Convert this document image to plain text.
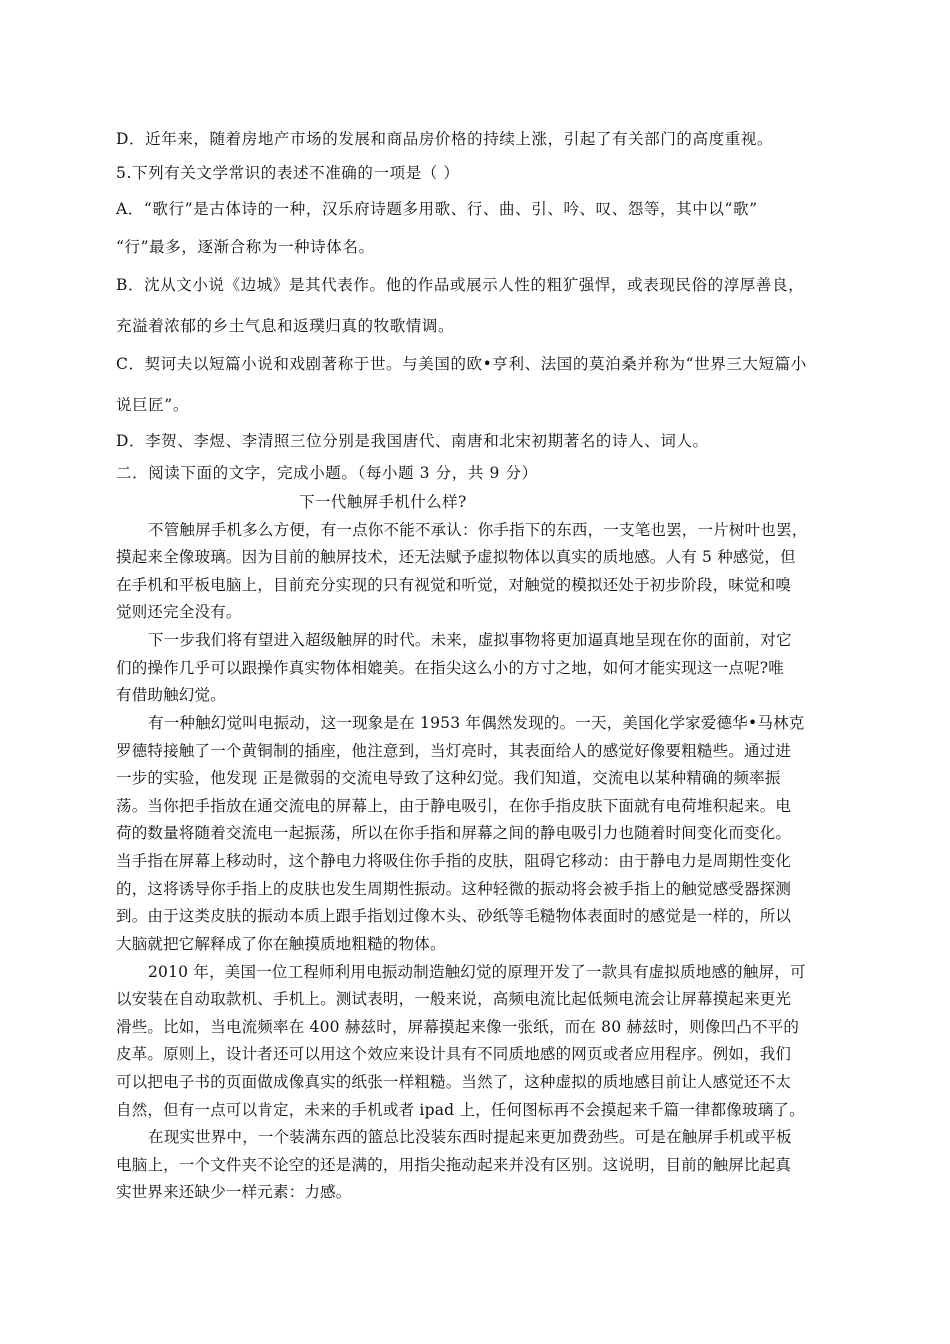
D．近年来，随着房地产市场的发展和商品房价格的持续上涨，引起了有关部门的高度重视。
5.下列有关文学常识的表述不准确的一项是（ ）
A．“歌行”是古体诗的一种，汉乐府诗题多用歌、行、曲、引、吟、叹、怨等，其中以“歌”
“行”最多，逐渐合称为一种诗体名。
B．沈从文小说《边城》是其代表作。他的作品或展示人性的粗犷强悍，或表现民俗的淳厚善良，
充溢着浓郁的乡土气息和返璞归真的牧歌情调。
C．契诃夫以短篇小说和戏剧著称于世。与美国的欧•亨利、法国的莫泊桑并称为“世界三大短篇小
说巨匠”。
D．李贺、李煜、李清照三位分别是我国唐代、南唐和北宋初期著名的诗人、词人。
二．阅读下面的文字，完成小题。（每小题 3 分，共 9 分）
下一代触屏手机什么样?
不管触屏手机多么方便，有一点你不能不承认：你手指下的东西，一支笔也罢，一片树叶也罢，
摸起来全像玻璃。因为目前的触屏技术，还无法赋予虚拟物体以真实的质地感。人有 5 种感觉，但
在手机和平板电脑上，目前充分实现的只有视觉和听觉，对触觉的模拟还处于初步阶段，味觉和嗅
觉则还完全没有。
下一步我们将有望进入超级触屏的时代。未来，虚拟事物将更加逼真地呈现在你的面前，对它
们的操作几乎可以跟操作真实物体相媲美。在指尖这么小的方寸之地，如何才能实现这一点呢?唯
有借助触幻觉。
有一种触幻觉叫电振动，这一现象是在 1953 年偶然发现的。一天，美国化学家爱德华•马林克
罗德特接触了一个黄铜制的插座，他注意到，当灯亮时，其表面给人的感觉好像要粗糙些。通过进
一步的实验，他发现 正是微弱的交流电导致了这种幻觉。我们知道，交流电以某种精确的频率振
荡。当你把手指放在通交流电的屏幕上，由于静电吸引，在你手指皮肤下面就有电荷堆积起来。电
荷的数量将随着交流电一起振荡，所以在你手指和屏幕之间的静电吸引力也随着时间变化而变化。
当手指在屏幕上移动时，这个静电力将吸住你手指的皮肤，阻碍它移动：由于静电力是周期性变化
的，这将诱导你手指上的皮肤也发生周期性振动。这种轻微的振动将会被手指上的触觉感受器探测
到。由于这类皮肤的振动本质上跟手指划过像木头、砂纸等毛糙物体表面时的感觉是一样的，所以
大脑就把它解释成了你在触摸质地粗糙的物体。
2010 年，美国一位工程师利用电振动制造触幻觉的原理开发了一款具有虚拟质地感的触屏，可
以安装在自动取款机、手机上。测试表明，一般来说，高频电流比起低频电流会让屏幕摸起来更光
滑些。比如，当电流频率在 400 赫兹时，屏幕摸起来像一张纸，而在 80 赫兹时，则像凹凸不平的
皮革。原则上，设计者还可以用这个效应来设计具有不同质地感的网页或者应用程序。例如，我们
可以把电子书的页面做成像真实的纸张一样粗糙。当然了，这种虚拟的质地感目前让人感觉还不太
自然，但有一点可以肯定，未来的手机或者 ipad 上，任何图标再不会摸起来千篇一律都像玻璃了。
在现实世界中，一个装满东西的篮总比没装东西时提起来更加费劲些。可是在触屏手机或平板
电脑上，一个文件夹不论空的还是满的，用指尖拖动起来并没有区别。这说明，目前的触屏比起真
实世界来还缺少一样元素：力感。
